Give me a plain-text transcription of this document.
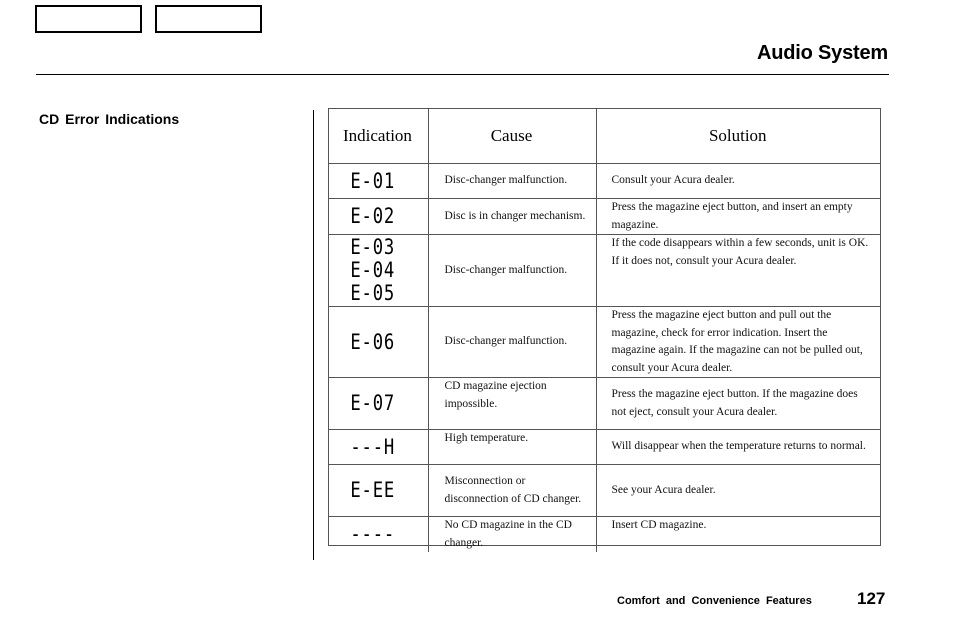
Audio System
CD Error Indications
Indication	Cause	Solution

E-01	Disc-changer malfunction.	Consult your Acura dealer.

E-02	Disc is in changer mechanism.	Press the magazine eject button, and insert an empty magazine.

E-03
E-04
E-05	Disc-changer malfunction.	If the code disappears within a few seconds, unit is OK. If it does not, consult your Acura dealer.

E-06	Disc-changer malfunction.	Press the magazine eject button and pull out the magazine, check for error indication. Insert the magazine again. If the magazine can not be pulled out, consult your Acura dealer.

E-07	CD magazine ejection impossible.	Press the magazine eject button. If the magazine does not eject, consult your Acura dealer.

---H	High temperature.	Will disappear when the temperature returns to normal.

E-EE	Misconnection or disconnection of CD changer.	See your Acura dealer.

----	No CD magazine in the CD changer.	Insert CD magazine.
Comfort and Convenience Features	127
